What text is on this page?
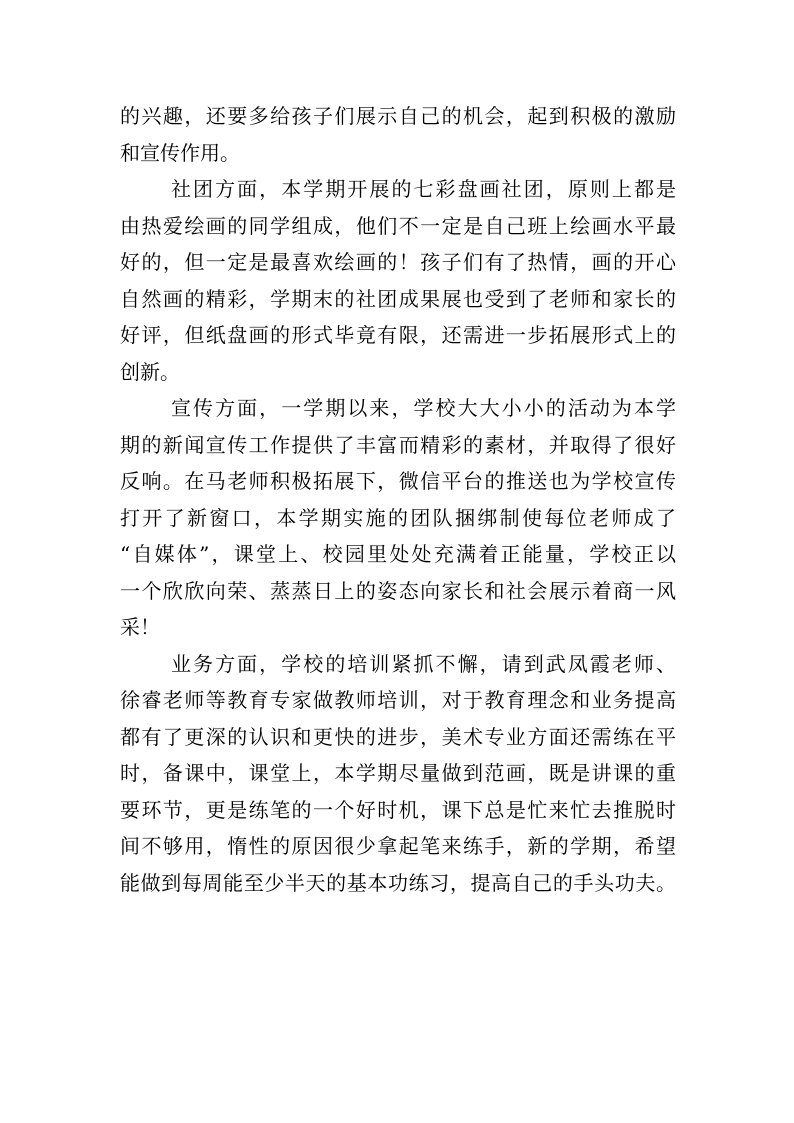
的兴趣，还要多给孩子们展示自己的机会，起到积极的激励
和宣传作用。
社团方面，本学期开展的七彩盘画社团，原则上都是
由热爱绘画的同学组成，他们不一定是自己班上绘画水平最
好的，但一定是最喜欢绘画的！孩子们有了热情，画的开心
自然画的精彩，学期末的社团成果展也受到了老师和家长的
好评，但纸盘画的形式毕竟有限，还需进一步拓展形式上的
创新。
宣传方面，一学期以来，学校大大小小的活动为本学
期的新闻宣传工作提供了丰富而精彩的素材，并取得了很好
反响。在马老师积极拓展下，微信平台的推送也为学校宣传
打开了新窗口，本学期实施的团队捆绑制使每位老师成了
“自媒体”，课堂上、校园里处处充满着正能量，学校正以
一个欣欣向荣、蒸蒸日上的姿态向家长和社会展示着商一风
采！
业务方面，学校的培训紧抓不懈，请到武凤霞老师、
徐睿老师等教育专家做教师培训，对于教育理念和业务提高
都有了更深的认识和更快的进步，美术专业方面还需练在平
时，备课中，课堂上，本学期尽量做到范画，既是讲课的重
要环节，更是练笔的一个好时机，课下总是忙来忙去推脱时
间不够用，惰性的原因很少拿起笔来练手，新的学期，希望
能做到每周能至少半天的基本功练习，提高自己的手头功夫。
